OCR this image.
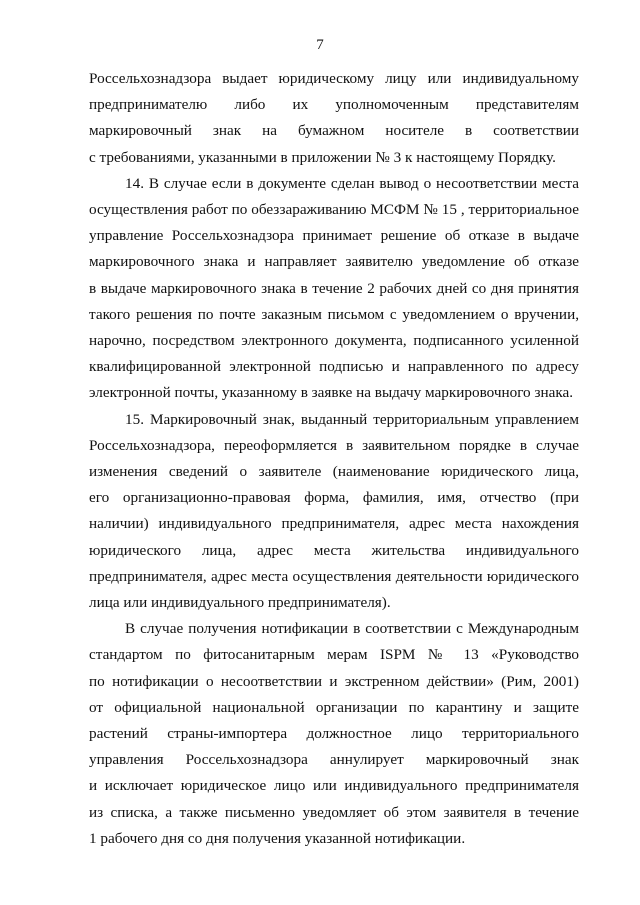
7

Россельхознадзора выдает юридическому лицу или индивидуальному
предпринимателю либо их уполномоченным представителям
маркировочный знак на бумажном носителе в соответствии
с требованиями, указанными в приложении № 3 к настоящему Порядку.

14. В случае если в документе сделан вывод о несоответствии места
осуществления работ по обеззараживанию МСФМ № 15 , территориальное
управление Россельхознадзора принимает решение об отказе в выдаче
маркировочного знака и направляет заявителю уведомление об отказе
в выдаче маркировочного знака в течение 2 рабочих дней со дня принятия
такого решения по почте заказным письмом с уведомлением о вручении,
нарочно, посредством электронного документа, подписанного усиленной
квалифицированной электронной подписью и направленного по адресу
электронной почты, указанному в заявке на выдачу маркировочного знака.

15. Маркировочный знак, выданный территориальным управлением
Россельхознадзора, переоформляется в заявительном порядке в случае
изменения сведений о заявителе (наименование юридического лица,
его организационно-правовая форма, фамилия, имя, отчество (при
наличии) индивидуального предпринимателя, адрес места нахождения
юридического лица, адрес места жительства индивидуального
предпринимателя, адрес места осуществления деятельности юридического
лица или индивидуального предпринимателя).

В случае получения нотификации в соответствии с Международным
стандартом по фитосанитарным мерам ISPM № 13 «Руководство
по нотификации о несоответствии и экстренном действии» (Рим, 2001)
от официальной национальной организации по карантину и защите
растений страны-импортера должностное лицо территориального
управления Россельхознадзора аннулирует маркировочный знак
и исключает юридическое лицо или индивидуального предпринимателя
из списка, а также письменно уведомляет об этом заявителя в течение
1 рабочего дня со дня получения указанной нотификации.
